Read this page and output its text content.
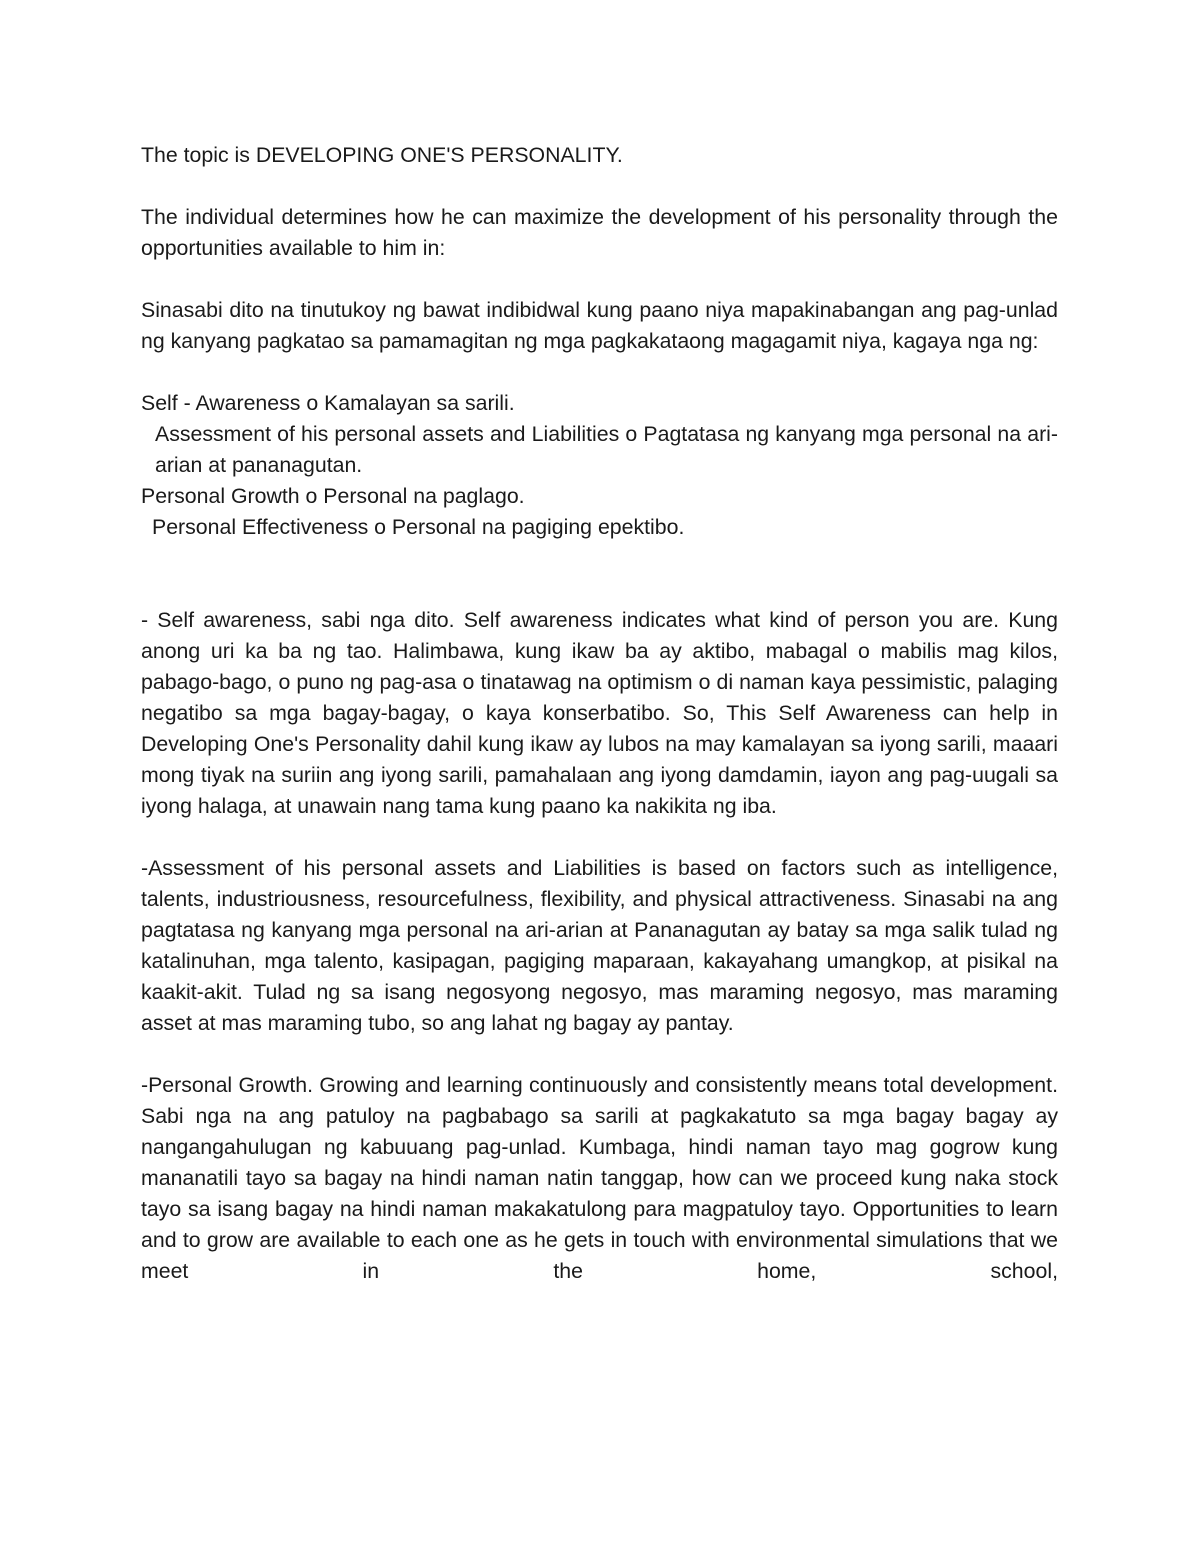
The topic is DEVELOPING ONE'S PERSONALITY.

The individual determines how he can maximize the development of his personality through the opportunities available to him in:

Sinasabi dito na tinutukoy ng bawat indibidwal kung paano niya mapakinabangan ang pag-unlad ng kanyang pagkatao sa pamamagitan ng mga pagkakataong magagamit niya, kagaya nga ng:

Self - Awareness o Kamalayan sa sarili.

Assessment of his personal assets and Liabilities o Pagtatasa ng kanyang mga personal na ari-arian at pananagutan.

Personal Growth o Personal na paglago.

Personal Effectiveness o Personal na pagiging epektibo.

- Self awareness, sabi nga dito. Self awareness indicates what kind of person you are. Kung anong uri ka ba ng tao. Halimbawa, kung ikaw ba ay aktibo, mabagal o mabilis mag kilos, pabago-bago, o puno ng pag-asa o tinatawag na optimism o di naman kaya pessimistic, palaging negatibo sa mga bagay-bagay, o kaya konserbatibo. So, This Self Awareness can help in Developing One's Personality dahil kung ikaw ay lubos na may kamalayan sa iyong sarili, maaari mong tiyak na suriin ang iyong sarili, pamahalaan ang iyong damdamin, iayon ang pag-uugali sa iyong halaga, at unawain nang tama kung paano ka nakikita ng iba.

-Assessment of his personal assets and Liabilities is based on factors such as intelligence, talents, industriousness, resourcefulness, flexibility, and physical attractiveness. Sinasabi na ang pagtatasa ng kanyang mga personal na ari-arian at Pananagutan ay batay sa mga salik tulad ng katalinuhan, mga talento, kasipagan, pagiging maparaan, kakayahang umangkop, at pisikal na kaakit-akit. Tulad ng sa isang negosyong negosyo, mas maraming negosyo, mas maraming asset at mas maraming tubo, so ang lahat ng bagay ay pantay.

-Personal Growth. Growing and learning continuously and consistently means total development. Sabi nga na ang patuloy na pagbabago sa sarili at pagkakatuto sa mga bagay bagay ay nangangahulugan ng kabuuang pag-unlad. Kumbaga, hindi naman tayo mag gogrow kung mananatili tayo sa bagay na hindi naman natin tanggap, how can we proceed kung naka stock tayo sa isang bagay na hindi naman makakatulong para magpatuloy tayo. Opportunities to learn and to grow are available to each one as he gets in touch with environmental simulations that we meet in the home, school,
